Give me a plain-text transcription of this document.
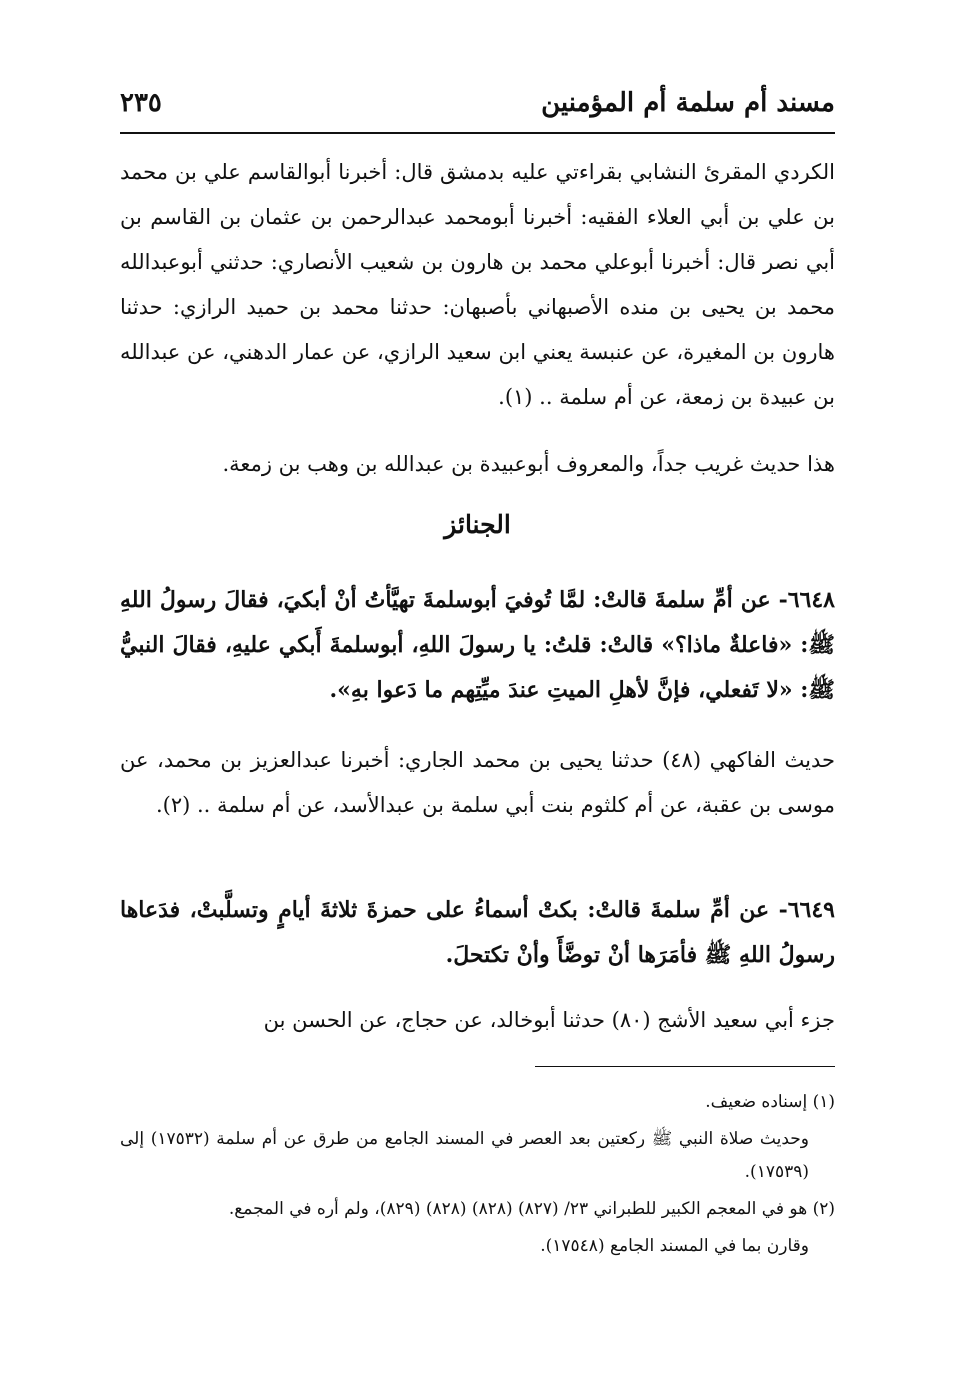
مسند أم سلمة أم المؤمنين
٢٣٥

الكردي المقرئ النشابي بقراءتي عليه بدمشق قال: أخبرنا أبوالقاسم علي بن محمد بن علي بن أبي العلاء الفقيه: أخبرنا أبومحمد عبدالرحمن بن عثمان بن القاسم بن أبي نصر قال: أخبرنا أبوعلي محمد بن هارون بن شعيب الأنصاري: حدثني أبوعبدالله محمد بن يحيى بن منده الأصبهاني بأصبهان: حدثنا محمد بن حميد الرازي: حدثنا هارون بن المغيرة، عن عنبسة يعني ابن سعيد الرازي، عن عمار الدهني، عن عبدالله بن عبيدة بن زمعة، عن أم سلمة .. (١).

هذا حديث غريب جداً، والمعروف أبوعبيدة بن عبدالله بن وهب بن زمعة.

الجنائز

٦٦٤٨- عن أمِّ سلمةَ قالتْ: لمَّا تُوفيَ أبوسلمةَ تهيَّأتُ أنْ أبكيَ، فقالَ رسولُ اللهِ ﷺ: «فاعلةٌ ماذا؟» قالتْ: قلتُ: يا رسولَ اللهِ، أبوسلمةَ أَبكي عليهِ، فقالَ النبيُّ ﷺ: «لا تَفعلي، فإنَّ لأهلِ الميتِ عندَ ميِّتِهم ما دَعوا بهِ».

حديث الفاكهي (٤٨) حدثنا يحيى بن محمد الجاري: أخبرنا عبدالعزيز بن محمد، عن موسى بن عقبة، عن أم كلثوم بنت أبي سلمة بن عبدالأسد، عن أم سلمة .. (٢).

٦٦٤٩- عن أمِّ سلمةَ قالتْ: بكتْ أسماءُ على حمزةَ ثلاثةَ أيامٍ وتسلَّبتْ، فدَعاها رسولُ اللهِ ﷺ فأمَرَها أنْ توضَّأَ وأنْ تكتحلَ.

جزء أبي سعيد الأشج (٨٠) حدثنا أبوخالد، عن حجاج، عن الحسن بن

(١) إسناده ضعيف.

وحديث صلاة النبي ﷺ ركعتين بعد العصر في المسند الجامع من طرق عن أم سلمة (١٧٥٣٢) إلى (١٧٥٣٩).

(٢) هو في المعجم الكبير للطبراني ٢٣/ (٨٢٧) (٨٢٨) (٨٢٨) (٨٢٩)، ولم أره في المجمع.

وقارن بما في المسند الجامع (١٧٥٤٨).
